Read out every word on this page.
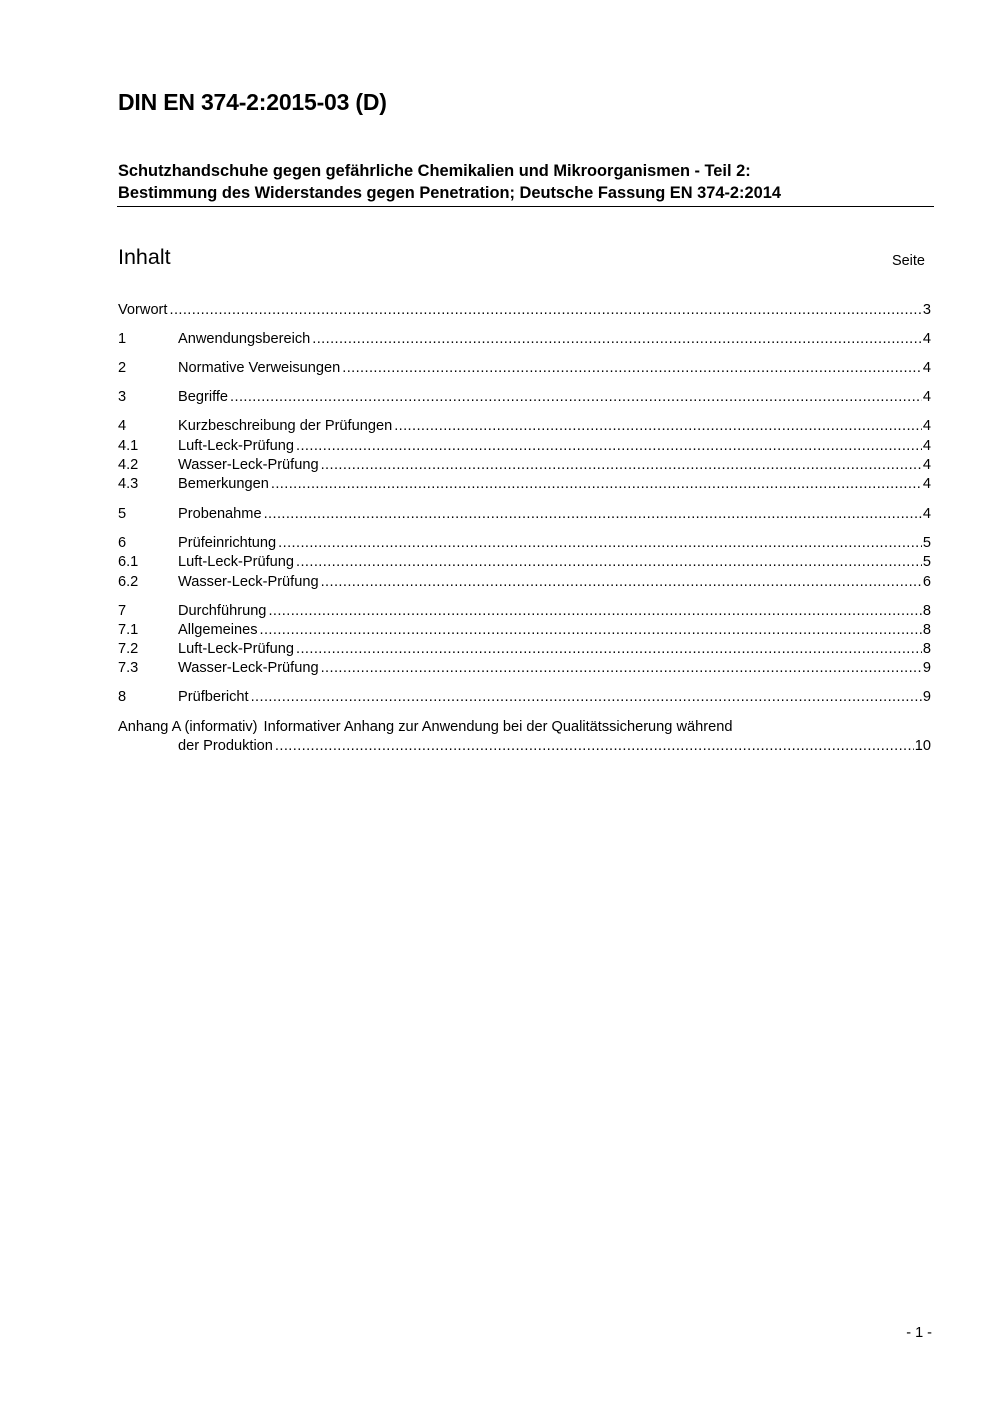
DIN EN 374-2:2015-03 (D)
Schutzhandschuhe gegen gefährliche Chemikalien und Mikroorganismen - Teil 2:
Bestimmung des Widerstandes gegen Penetration; Deutsche Fassung EN 374-2:2014
Inhalt	Seite
Vorwort .....	3
1	Anwendungsbereich .....	4
2	Normative Verweisungen .....	4
3	Begriffe .....	4
4	Kurzbeschreibung der Prüfungen .....	4
4.1	Luft-Leck-Prüfung .....	4
4.2	Wasser-Leck-Prüfung .....	4
4.3	Bemerkungen .....	4
5	Probenahme .....	4
6	Prüfeinrichtung .....	5
6.1	Luft-Leck-Prüfung .....	5
6.2	Wasser-Leck-Prüfung .....	6
7	Durchführung .....	8
7.1	Allgemeines .....	8
7.2	Luft-Leck-Prüfung .....	8
7.3	Wasser-Leck-Prüfung .....	9
8	Prüfbericht .....	9
Anhang A (informativ) Informativer Anhang zur Anwendung bei der Qualitätssicherung während
der Produktion .....	10
- 1 -
